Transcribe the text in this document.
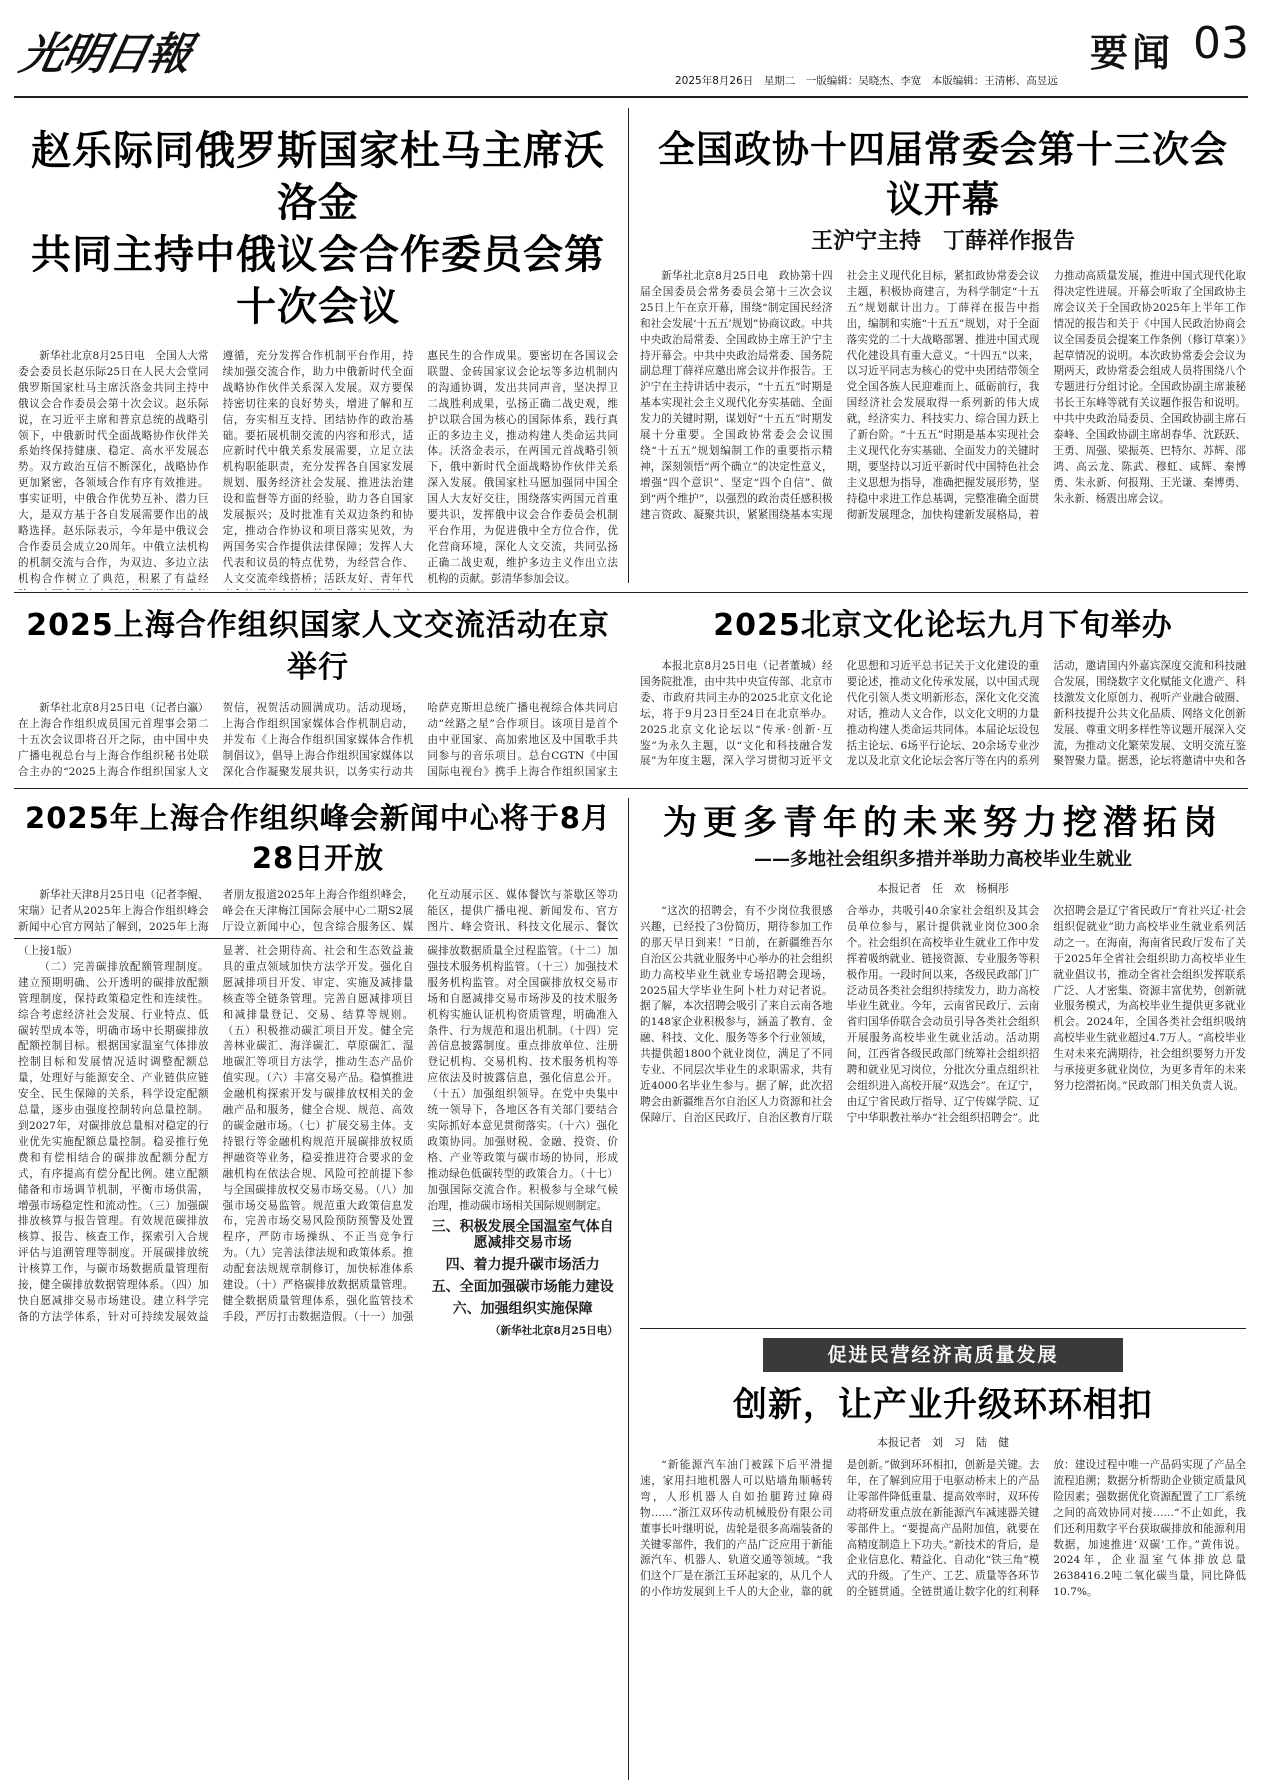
光明日報
2025年8月26日　星期二　一版编辑：吴晓杰、李宽　本版编辑：王清彬、高昱远
要闻 03
赵乐际同俄罗斯国家杜马主席沃洛金
共同主持中俄议会合作委员会第十次会议

新华社北京8月25日电　全国人大常委会委员长赵乐际25日在人民大会堂同俄罗斯国家杜马主席沃洛金共同主持中俄议会合作委员会第十次会议。赵乐际说，在习近平主席和普京总统的战略引领下，中俄新时代全面战略协作伙伴关系始终保持健康、稳定、高水平发展态势。双方政治互信不断深化，战略协作更加紧密，各领域合作有序有效推进。事实证明，中俄合作优势互补、潜力巨大，是双方基于各自发展需要作出的战略选择。赵乐际表示，今年是中俄议会合作委员会成立20周年。中俄立法机构的机制交流与合作，为双边、多边立法机构合作树立了典范，积累了有益经 遵循，充分发挥合作机制平台作用，持续加强交流合作，助力中俄新时代全面战略协作伙伴关系深入发展。双方要保持密切往来的良好势头，增进了解和互信，夯实相互支持、团结协作的政治基础。要拓展机制交流的内容和形式，适应新时代中俄关系发展需要，立足立法机构职能职责，充分发挥各自国家发展规划、服务经济社会发展、推进法治建设和监督等方面的经验，助力各自国家发展振兴；及时批准有关双边条约和协定，推动合作协议和项目落实见效，为两国务实合作提供法律保障；发挥人大代表和议员的特点优势，为经营合作、人文交流牵线搭桥；活跃友好、青年代 惠民生的合作成果。要密切在各国议会联盟、金砖国家议会论坛等多边机制内的沟通协调，发出共同声音，坚决捍卫二战胜利成果，弘扬正确二战史观，维护以联合国为核心的国际体系，践行真正的多边主义，推动构建人类命运共同体。沃洛金表示，在两国元首战略引领下，俄中新时代全面战略协作伙伴关系深入发展。俄国家杜马愿加强同中国全国人大友好交往，围绕落实两国元首重要共识，发挥俄中议会合作委员会机制平台作用，为促进俄中全方位合作，优化营商环境，深化人文交流，共同弘扬正确二战史观，维护多边主义作出立法机构的贡献。彭清华参加会议。

全国政协十四届常委会第十三次会议开幕
王沪宁主持　丁薛祥作报告

新华社北京8月25日电　政协第十四届全国委员会常务委员会第十三次会议25日上午在京开幕，围绕“制定国民经济和社会发展‘十五五’规划”协商议政。中共中央政治局常委、全国政协主席王沪宁主持开幕会。中共中央政治局常委、国务院副总理丁薛祥应邀出席会议并作报告。王沪宁在主持讲话中表示，“十五五”时期是基本实现社会主义现代化夯实基础、全面发力的关键时期，谋划好“十五五”时期发展十分重要。全国政协常委会会议围绕“十五五”规划编制工作的重要指示精神，深刻领悟“两个确立”的决定性意义，增强“四个意识”、坚定“四个自信”、做到“两个维护”，以强烈的政治责任感积极建言资政、凝聚共识，紧紧围绕基本实现社会主义现代化目标，紧扣政协常委会议主题，积极协商建言，为科学制定“十五五”规划献计出力。丁薛祥在报告中指出，编制和实施“十五五”规划，对于全面落实党的二十大战略部署、推进中国式现代化建设具有重大意义。“十四五”以来，以习近平同志为核心的党中央团结带领全党全国各族人民迎难而上、砥砺前行，我国经济社会发展取得一系列新的伟大成就，经济实力、科技实力、综合国力跃上了新台阶。“十五五”时期是基本实现社会主义现代化夯实基础、全面发力的关键时期，要坚持以习近平新时代中国特色社会主义思想为指导，准确把握发展形势，坚持稳中求进工作总基调，完整准确全面贯彻新发展理念，加快构建新发展格局，着力推动高质量发展，推进中国式现代化取得决定性进展。开幕会听取了全国政协主席会议关于全国政协2025年上半年工作情况的报告和关于《中国人民政治协商会议全国委员会提案工作条例（修订草案）》起草情况的说明。本次政协常委会会议为期两天，政协常委会组成人员将围绕八个专题进行分组讨论。全国政协副主席兼秘书长王东峰等就有关议题作报告和说明。中共中央政治局委员、全国政协副主席石泰峰、全国政协副主席胡春华、沈跃跃、王勇、周强、梁振英、巴特尔、苏辉、邵鸿、高云龙、陈武、穆虹、咸辉、秦博勇、朱永新、何报翔、王光谦、秦博勇、朱永新、杨震出席会议。

2025上海合作组织国家人文交流活动在京举行

新华社北京8月25日电（记者白瀛）在上海合作组织成员国元首理事会第二十五次会议即将召开之际，由中国中央广播电视总台与上海合作组织秘书处联合主办的“2025上海合作组织国家人文 贺信，祝贺活动圆满成功。活动现场，上海合作组织国家媒体合作机制启动，并发布《上海合作组织国家媒体合作机制倡议》，倡导上海合作组织国家媒体以深化合作凝聚发展共识，以务实行动共 哈萨克斯坦总统广播电视综合体共同启动“丝路之星”合作项目。该项目是首个由中亚国家、高加索地区及中国歌手共同参与的音乐项目。总台CGTN《中国国际电视台》携手上海合作组织国家主

2025北京文化论坛九月下旬举办

本报北京8月25日电（记者董城）经国务院批准，由中共中央宣传部、北京市委、市政府共同主办的2025北京文化论坛，将于9月23日至24日在北京举办。2025北京文化论坛以“传承·创新·互鉴”为永久主题，以“文化和科技融合发展”为年度主题，深入学习贯彻习近平文化思想和习近平总书记关于文化建设的重要论述，推动文化传承发展，以中国式现代化引领人类文明新形态，深化文化交流对话，推动人文合作，以文化文明的力量推动构建人类命运共同体。本届论坛设包括主论坛、6场平行论坛、20余场专业沙龙以及北京文化论坛会客厅等在内的系列活动，邀请国内外嘉宾深度交流和科技融合发展，围绕数字文化赋能文化遗产、科技激发文化原创力、视听产业融合破圈、新科技提升公共文化品质、网络文化创新发展、尊重文明多样性等议题开展深入交流，为推动文化繁荣发展、文明交流互鉴聚智聚力量。据悉，论坛将邀请中央和各

2025年上海合作组织峰会新闻中心将于8月28日开放

新华社天津8月25日电（记者李鲲、宋瑞）记者从2025年上海合作组织峰会新闻中心官方网站了解到，2025年上海 者朋友报道2025年上海合作组织峰会，峰会在天津梅江国际会展中心二期S2展厅设立新闻中心，包含综合服务区、媒 化互动展示区、媒体餐饮与茶歇区等功能区，提供广播电视、新闻发布、官方图片、峰会资讯、科技文化展示、餐饮

（上接1版）

（二）完善碳排放配额管理制度。建立预期明确、公开透明的碳排放配额管理制度，保持政策稳定性和连续性。综合考虑经济社会发展、行业特点、低碳转型成本等，明确市场中长期碳排放配额控制目标。根据国家温室气体排放控制目标和发展情况适时调整配额总量，处理好与能源安全、产业链供应链安全、民生保障的关系，科学设定配额总量，逐步由强度控制转向总量控制。到2027年，对碳排放总量相对稳定的行业优先实施配额总量控制。稳妥推行免费和有偿相结合的碳排放配额分配方式，有序提高有偿分配比例。建立配额储备和市场调节机制，平衡市场供需，增强市场稳定性和流动性。（三）加强碳排放核算与报告管理。有效规范碳排放核算、报告、核查工作，探索引入合规评估与追溯管理等制度。开展碳排放统计核算工作，与碳市场数据质量管理衔接，健全碳排放数据管理体系。（四）加快自愿减排交易市场建设。建立科学完备的方法学体系，针对可持续发展效益显著、社会期待高、社会和生态效益兼具的重点领域加快方法学开发。强化自愿减排项目开发、审定、实施及减排量核查等全链条管理。完善自愿减排项目和减排量登记、交易、结算等规则。（五）积极推动碳汇项目开发。健全完善林业碳汇、海洋碳汇、草原碳汇、湿地碳汇等项目方法学，推动生态产品价值实现。（六）丰富交易产品。稳慎推进金融机构探索开发与碳排放权相关的金融产品和服务，健全合规、规范、高效的碳金融市场。（七）扩展交易主体。支持银行等金融机构规范开展碳排放权质押融资等业务，稳妥推进符合要求的金融机构在依法合规、风险可控前提下参与全国碳排放权交易市场交易。（八）加强市场交易监管。规范重大政策信息发布，完善市场交易风险预防预警及处置程序，严防市场操纵、不正当竞争行为。（九）完善法律法规和政策体系。推动配套法规规章制修订，加快标准体系建设。（十）严格碳排放数据质量管理。健全数据质量管理体系，强化监管技术手段，严厉打击数据造假。（十一）加强碳排放数据质量全过程监管。（十二）加强技术服务机构监管。（十三）加强技术服务机构监管。对全国碳排放权交易市场和自愿减排交易市场涉及的技术服务机构实施认证机构资质管理，明确准入条件、行为规范和退出机制。（十四）完善信息披露制度。重点排放单位、注册登记机构、交易机构、技术服务机构等应依法及时披露信息，强化信息公开。（十五）加强组织领导。在党中央集中统一领导下，各地区各有关部门要结合实际抓好本意见贯彻落实。（十六）强化政策协同。加强财税、金融、投资、价格、产业等政策与碳市场的协同，形成推动绿色低碳转型的政策合力。（十七）加强国际交流合作。积极参与全球气候治理，推动碳市场相关国际规则制定。

三、积极发展全国温室气体自愿减排交易市场
四、着力提升碳市场活力
五、全面加强碳市场能力建设
六、加强组织实施保障

（新华社北京8月25日电）

为更多青年的未来努力挖潜拓岗
——多地社会组织多措并举助力高校毕业生就业
本报记者　任　欢　杨桐彤

“这次的招聘会，有不少岗位我很感兴趣，已经投了3份简历，期待参加工作的那天早日到来！”日前，在新疆维吾尔自治区公共就业服务中心举办的社会组织助力高校毕业生就业专场招聘会现场，2025届大学毕业生阿卜杜力对记者说。据了解，本次招聘会吸引了来自云南各地的148家企业积极参与，涵盖了教育、金融、科技、文化、服务等多个行业领域，共提供超1800个就业岗位，满足了不同专业、不同层次毕业生的求职需求，共有近4000名毕业生参与。据了解，此次招聘会由新疆维吾尔自治区人力资源和社会保障厅、自治区民政厅、自治区教育厅联合举办，共吸引40余家社会组织及其会员单位参与，累计提供就业岗位300余个。社会组织在高校毕业生就业工作中发挥着吸纳就业、链接资源、专业服务等积极作用。一段时间以来，各级民政部门广泛动员各类社会组织持续发力，助力高校毕业生就业。今年，云南省民政厅、云南省归国华侨联合会动员引导各类社会组织开展服务高校毕业生就业活动。活动期间，江西省各级民政部门统筹社会组织招聘和就业见习岗位，分批次分重点组织社会组织进入高校开展“双选会”。在辽宁，由辽宁省民政厅指导、辽宁传媒学院、辽宁中华职教社举办“社会组织招聘会”。此次招聘会是辽宁省民政厅“育社兴辽·社会组织促就业”助力高校毕业生就业系列活动之一。在海南，海南省民政厅发布了关于2025年全省社会组织助力高校毕业生就业倡议书，推动全省社会组织发挥联系广泛、人才密集、资源丰富优势，创新就业服务模式，为高校毕业生提供更多就业机会。2024年，全国各类社会组织吸纳高校毕业生就业超过4.7万人。“高校毕业生对未来充满期待，社会组织要努力开发与承接更多就业岗位，为更多青年的未来努力挖潜拓岗。”民政部门相关负责人说。

促进民营经济高质量发展
创新，让产业升级环环相扣
本报记者　刘　习　陆　健

“新能源汽车油门被踩下后平滑提速，家用扫地机器人可以贴墙角顺畅转弯，人形机器人自如抬腿跨过障碍物……”浙江双环传动机械股份有限公司董事长叶继明说，齿轮是很多高端装备的关键零部件，我们的产品广泛应用于新能源汽车、机器人、轨道交通等领域。“我们这个厂是在浙江玉环起家的，从几个人的小作坊发展到上千人的大企业，靠的就是创新。”做到环环相扣，创新是关键。去年，在了解到应用于电驱动桥末上的产品让零部件降低重量、提高效率时，双环传动将研发重点放在新能源汽车减速器关键零部件上。“要提高产品附加值，就要在高精度制造上下功夫。”新技术的背后，是企业信息化、精益化、自动化“铁三角”模式的升级。了生产、工艺、质量等各环节的全链贯通。全链贯通让数字化的红利释放：建设过程中唯一产品码实现了产品全流程追溯；数据分析帮助企业锁定质量风险因素；强数据优化资源配置了工厂系统之间的高效协同对接……“不止如此，我们还利用数字平台获取碳排放和能源利用数据，加速推进‘双碳’工作。”黄伟说。2024年，企业温室气体排放总量2638416.2吨二氧化碳当量，同比降低10.7%。
